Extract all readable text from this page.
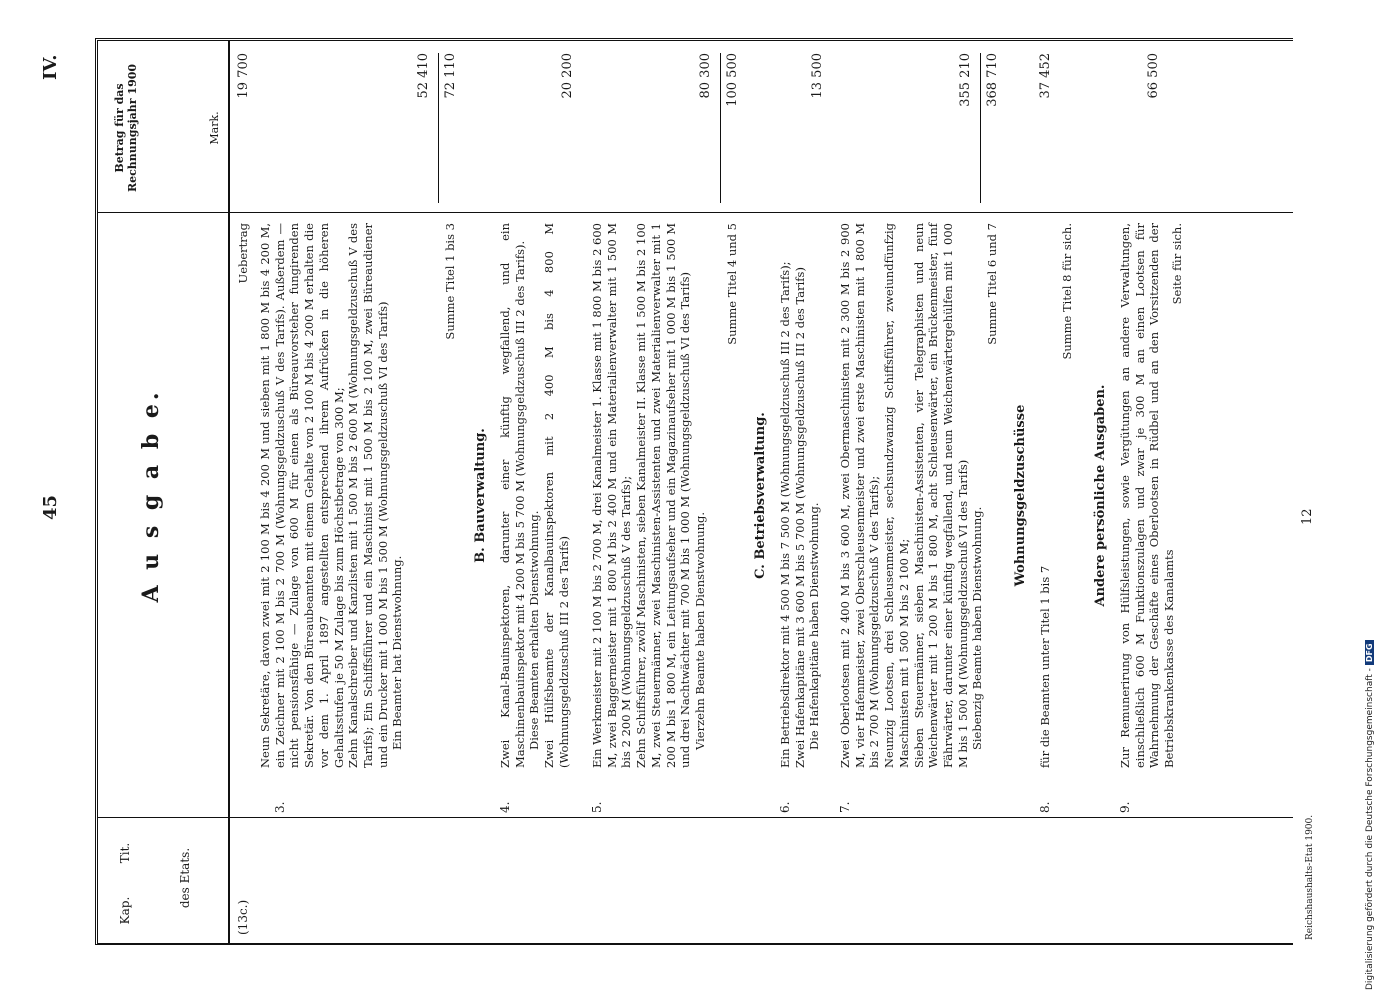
45
IV.
Kap.
Tit.	des Etats.
Betrag für das Rechnungsjahr 1900	Mark.
A u s g a b e.
(13c.)
Uebertrag
19 700
3.

Neun Sekretäre, davon zwei mit 2 100 M bis 4 200 M und sieben mit 1 800 M bis 4 200 M, ein Zeichner mit 2 100 M bis 2 700 M (Wohnungsgeldzuschuß V des Tarifs). Außerdem — nicht pensionsfähige — Zulage von 600 M für einen als Büreauvorsteher fungirenden Sekretär. Von den Büreaubeamten mit einem Gehalte von 2 100 M bis 4 200 M erhalten die vor dem 1. April 1897 angestellten entsprechend ihrem Aufrücken in die höheren Gehaltsstufen je 50 M Zulage bis zum Höchstbetrage von 300 M; Zehn Kanalschreiber und Kanzlisten mit 1 500 M bis 2 600 M (Wohnungsgeldzuschuß V des Tarifs); Ein Schiffsführer und ein Maschinist mit 1 500 M bis 2 100 M, zwei Büreaudiener und ein Drucker mit 1 000 M bis 1 500 M (Wohnungsgeldzuschuß VI des Tarifs) Ein Beamter hat Dienstwohnung.

52 410
Summe Titel 1 bis 3
72 110
B. Bauverwaltung.
4.

Zwei Kanal-Bauinspektoren, darunter einer künftig wegfallend, und ein Maschinenbauinspektor mit 4 200 M bis 5 700 M (Wohnungsgeldzuschuß III 2 des Tarifs). Diese Beamten erhalten Dienstwohnung. Zwei Hülfsbeamte der Kanalbauinspektoren mit 2 400 M bis 4 800 M (Wohnungsgeldzuschuß III 2 des Tarifs)

20 200
5.

Ein Werkmeister mit 2 100 M bis 2 700 M, drei Kanalmeister 1. Klasse mit 1 800 M bis 2 600 M, zwei Baggermeister mit 1 800 M bis 2 400 M und ein Materialienverwalter mit 1 500 M bis 2 200 M (Wohnungsgeldzuschuß V des Tarifs); Zehn Schiffsführer, zwölf Maschinisten, sieben Kanalmeister II. Klasse mit 1 500 M bis 2 100 M, zwei Steuermänner, zwei Maschinisten-Assistenten und zwei Materialienverwalter mit 1 200 M bis 1 800 M, ein Leitungsaufseher und ein Magazinaufseher mit 1 000 M bis 1 500 M und drei Nachtwächter mit 700 M bis 1 000 M (Wohnungsgeldzuschuß VI des Tarifs) Vierzehn Beamte haben Dienstwohnung.

80 300
Summe Titel 4 und 5
100 500
C. Betriebsverwaltung.
6.

Ein Betriebsdirektor mit 4 500 M bis 7 500 M (Wohnungsgeldzuschuß III 2 des Tarifs); Zwei Hafenkapitäne mit 3 600 M bis 5 700 M (Wohnungsgeldzuschuß III 2 des Tarifs) Die Hafenkapitäne haben Dienstwohnung.

13 500
7.

Zwei Oberlootsen mit 2 400 M bis 3 600 M, zwei Obermaschinisten mit 2 300 M bis 2 900 M, vier Hafenmeister, zwei Oberschleusenmeister und zwei erste Maschinisten mit 1 800 M bis 2 700 M (Wohnungsgeldzuschuß V des Tarifs); Neunzig Lootsen, drei Schleusenmeister, sechsundzwanzig Schiffsführer, zweiundfünfzig Maschinisten mit 1 500 M bis 2 100 M; Sieben Steuermänner, sieben Maschinisten-Assistenten, vier Telegraphisten und neun Weichenwärter mit 1 200 M bis 1 800 M, acht Schleusenwärter, ein Brückenmeister, fünf Fährwärter, darunter einer künftig wegfallend, und neun Weichenwärtergehülfen mit 1 000 M bis 1 500 M (Wohnungsgeldzuschuß VI des Tarifs) Siebenzig Beamte haben Dienstwohnung.

355 210
Summe Titel 6 und 7
368 710
Wohnungsgeldzuschüsse
8.

für die Beamten unter Titel 1 bis 7

37 452
Summe Titel 8 für sich.
Andere persönliche Ausgaben.
9.

Zur Remunerirung von Hülfsleistungen, sowie Vergütungen an andere Verwaltungen, einschließlich 600 M Funktionszulagen und zwar je 300 M an einen Lootsen für Wahrnehmung der Geschäfte eines Oberlootsen in Rüdbel und an den Vorsitzenden der Betriebskrankenkasse des Kanalamts

66 500
Seite für sich.
Reichshaushalts-Etat 1900.
12
Digitalisierung gefördert durch die Deutsche Forschungsgemeinschaft -DFG
